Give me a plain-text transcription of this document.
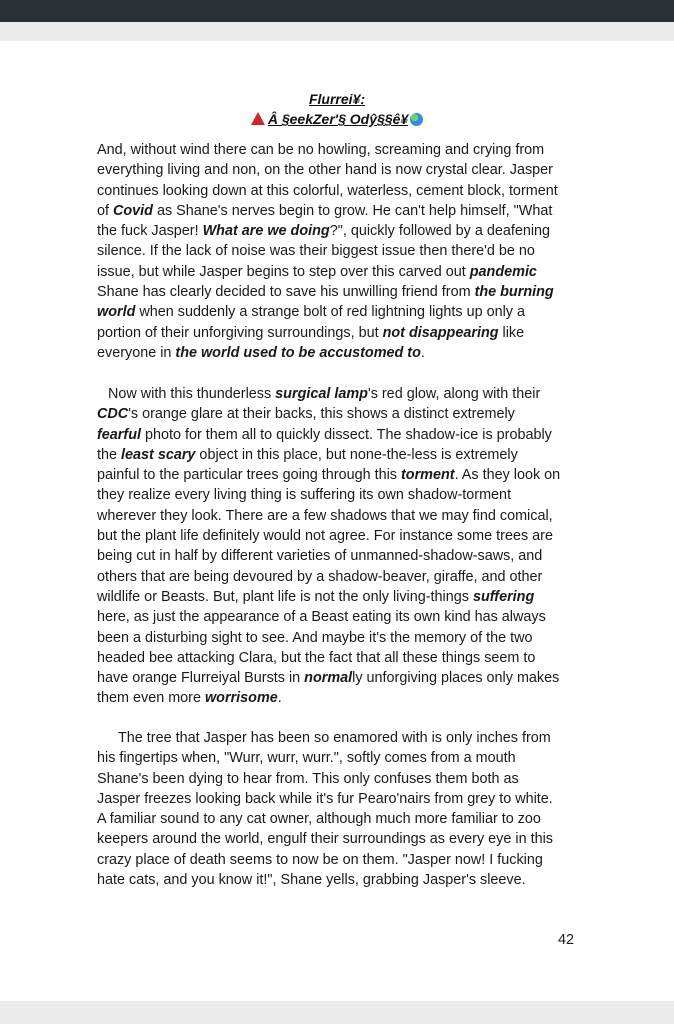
Flurrei¥:
Â §eekZer'§ Odŷ§§ê¥
And, without wind there can be no howling, screaming and crying from
everything living and non, on the other hand is now crystal clear. Jasper
continues looking down at this colorful, waterless, cement block, torment
of Covid as Shane's nerves begin to grow. He can't help himself, "What
the fuck Jasper! What are we doing?", quickly followed by a deafening
silence. If the lack of noise was their biggest issue then there'd be no
issue, but while Jasper begins to step over this carved out pandemic
Shane has clearly decided to save his unwilling friend from the burning
world when suddenly a strange bolt of red lightning lights up only a
portion of their unforgiving surroundings, but not disappearing like
everyone in the world used to be accustomed to.
Now with this thunderless surgical lamp's red glow, along with their
CDC's orange glare at their backs, this shows a distinct extremely
fearful photo for them all to quickly dissect. The shadow-ice is probably
the least scary object in this place, but none-the-less is extremely
painful to the particular trees going through this torment. As they look on
they realize every living thing is suffering its own shadow-torment
wherever they look. There are a few shadows that we may find comical,
but the plant life definitely would not agree. For instance some trees are
being cut in half by different varieties of unmanned-shadow-saws, and
others that are being devoured by a shadow-beaver, giraffe, and other
wildlife or Beasts. But, plant life is not the only living-things suffering
here, as just the appearance of a Beast eating its own kind has always
been a disturbing sight to see. And maybe it's the memory of the two
headed bee attacking Clara, but the fact that all these things seem to
have orange Flurreiyal Bursts in normally unforgiving places only makes
them even more worrisome.
The tree that Jasper has been so enamored with is only inches from
his fingertips when, "Wurr, wurr, wurr.", softly comes from a mouth
Shane's been dying to hear from. This only confuses them both as
Jasper freezes looking back while it's fur Pearo'nairs from grey to white.
A familiar sound to any cat owner, although much more familiar to zoo
keepers around the world, engulf their surroundings as every eye in this
crazy place of death seems to now be on them. "Jasper now! I fucking
hate cats, and you know it!", Shane yells, grabbing Jasper's sleeve.
42
